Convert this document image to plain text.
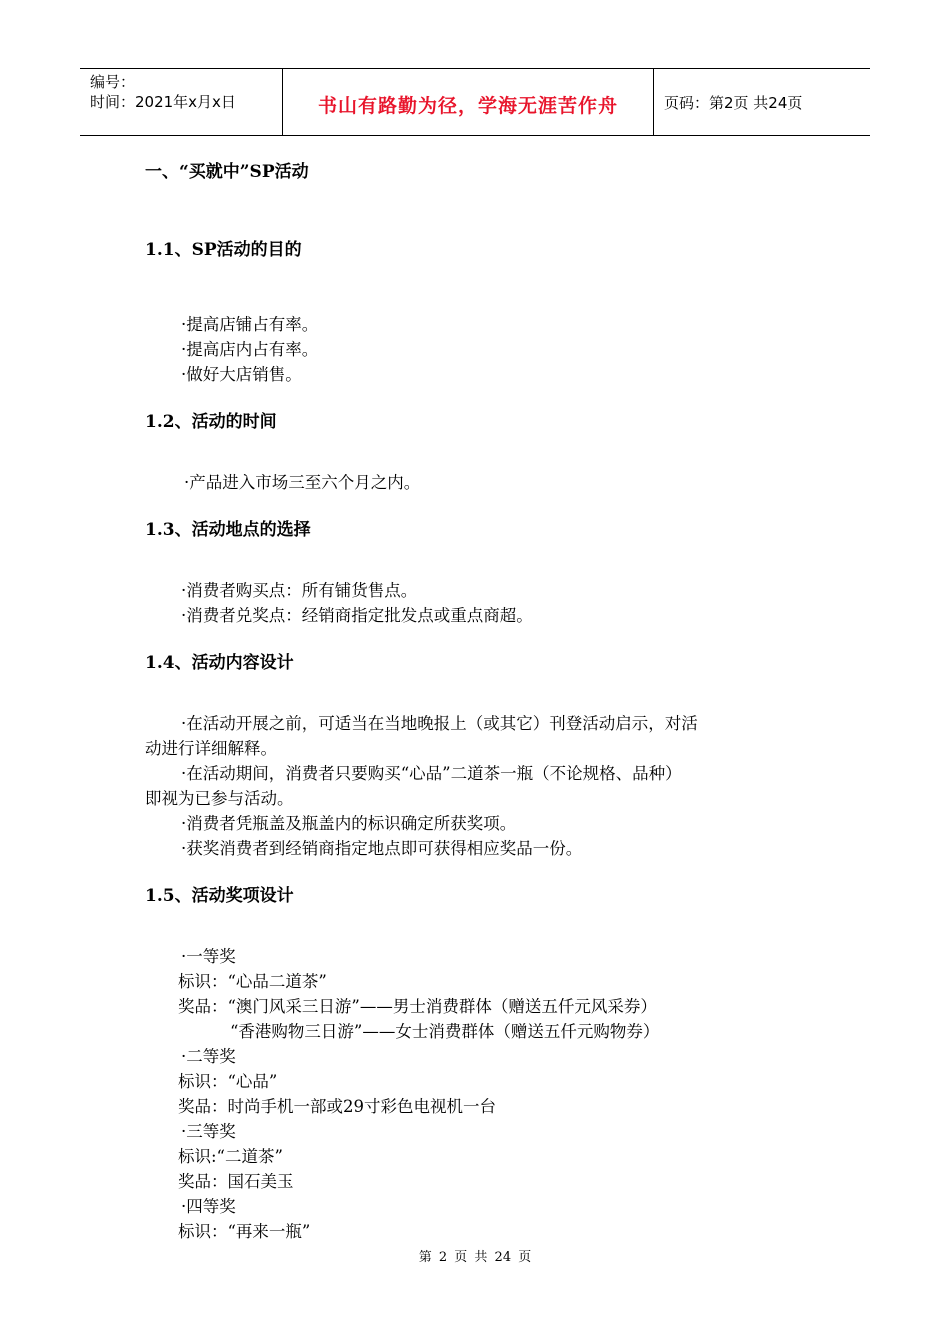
编号：
时间：2021年x月x日	书山有路勤为径，学海无涯苦作舟	页码：第2页 共24页
一、“买就中”SP活动
1.1、SP活动的目的
·提高店铺占有率。
·提高店内占有率。
·做好大店销售。
1.2、活动的时间
·产品进入市场三至六个月之内。
1.3、活动地点的选择
·消费者购买点：所有铺货售点。
·消费者兑奖点：经销商指定批发点或重点商超。
1.4、活动内容设计
·在活动开展之前，可适当在当地晚报上（或其它）刊登活动启示，对活
动进行详细解释。
·在活动期间，消费者只要购买“心品”二道茶一瓶（不论规格、品种）
即视为已参与活动。
·消费者凭瓶盖及瓶盖内的标识确定所获奖项。
·获奖消费者到经销商指定地点即可获得相应奖品一份。
1.5、活动奖项设计
·一等奖
标识：“心品二道茶”
奖品：“澳门风采三日游”——男士消费群体（赠送五仟元风采券）
“香港购物三日游”——女士消费群体（赠送五仟元购物券）
·二等奖
标识：“心品”
奖品：时尚手机一部或29寸彩色电视机一台
·三等奖
标识:“二道茶”
奖品：国石美玉
·四等奖
标识：“再来一瓶”
第 2 页 共 24 页
